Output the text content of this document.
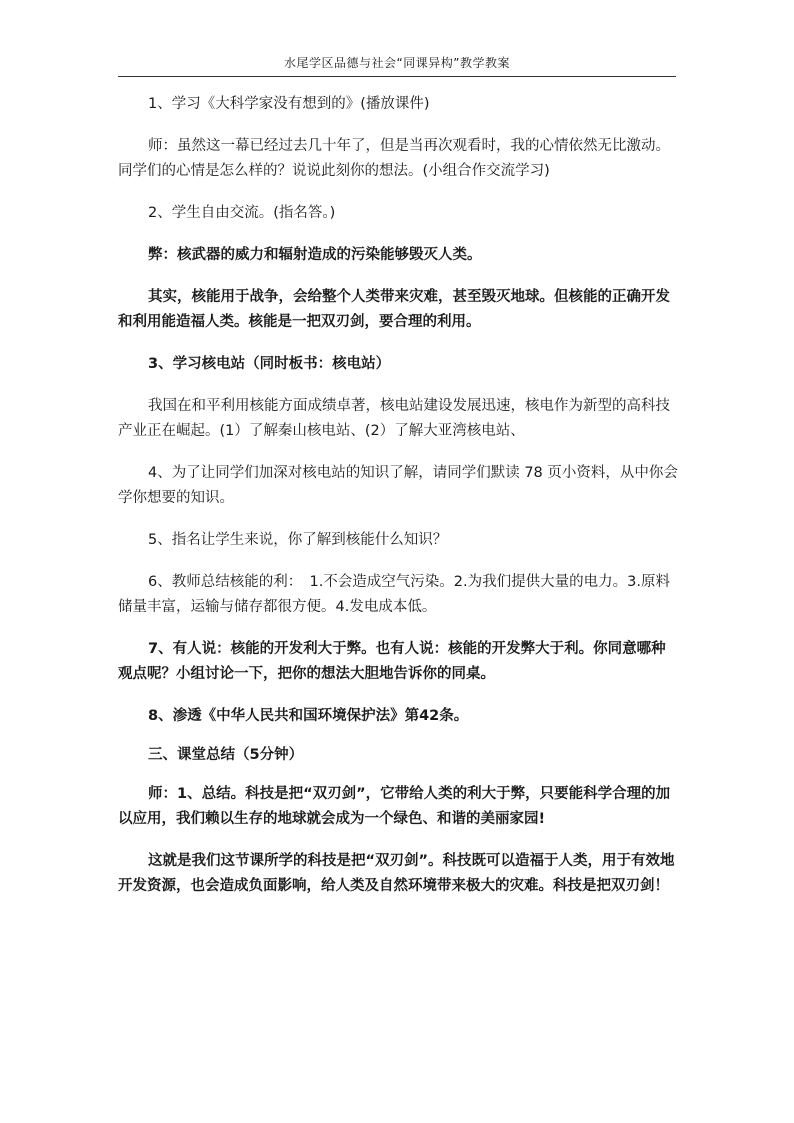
水尾学区品德与社会“同课异构”教学教案

1、学习《大科学家没有想到的》(播放课件)

师：虽然这一幕已经过去几十年了，但是当再次观看时，我的心情依然无比激动。同学们的心情是怎么样的？说说此刻你的想法。(小组合作交流学习)

2、学生自由交流。(指名答。)

弊：核武器的威力和辐射造成的污染能够毁灭人类。

其实，核能用于战争，会给整个人类带来灾难，甚至毁灭地球。但核能的正确开发和利用能造福人类。核能是一把双刃剑，要合理的利用。

3、学习核电站（同时板书：核电站）

我国在和平利用核能方面成绩卓著，核电站建设发展迅速，核电作为新型的高科技产业正在崛起。(1）了解秦山核电站、(2）了解大亚湾核电站、

4、为了让同学们加深对核电站的知识了解，请同学们默读 78 页小资料，从中你会学你想要的知识。

5、指名让学生来说，你了解到核能什么知识？

6、教师总结核能的利：　1.不会造成空气污染。2.为我们提供大量的电力。3.原料储量丰富，运输与储存都很方便。4.发电成本低。

7、有人说：核能的开发利大于弊。也有人说：核能的开发弊大于利。你同意哪种观点呢？小组讨论一下，把你的想法大胆地告诉你的同桌。

8、渗透《中华人民共和国环境保护法》第42条。

三、课堂总结（5分钟）

师：1、总结。科技是把“双刃剑”，它带给人类的利大于弊，只要能科学合理的加以应用，我们赖以生存的地球就会成为一个绿色、和谐的美丽家园!

这就是我们这节课所学的科技是把“双刃剑”。科技既可以造福于人类，用于有效地开发资源，也会造成负面影响，给人类及自然环境带来极大的灾难。科技是把双刃剑！
